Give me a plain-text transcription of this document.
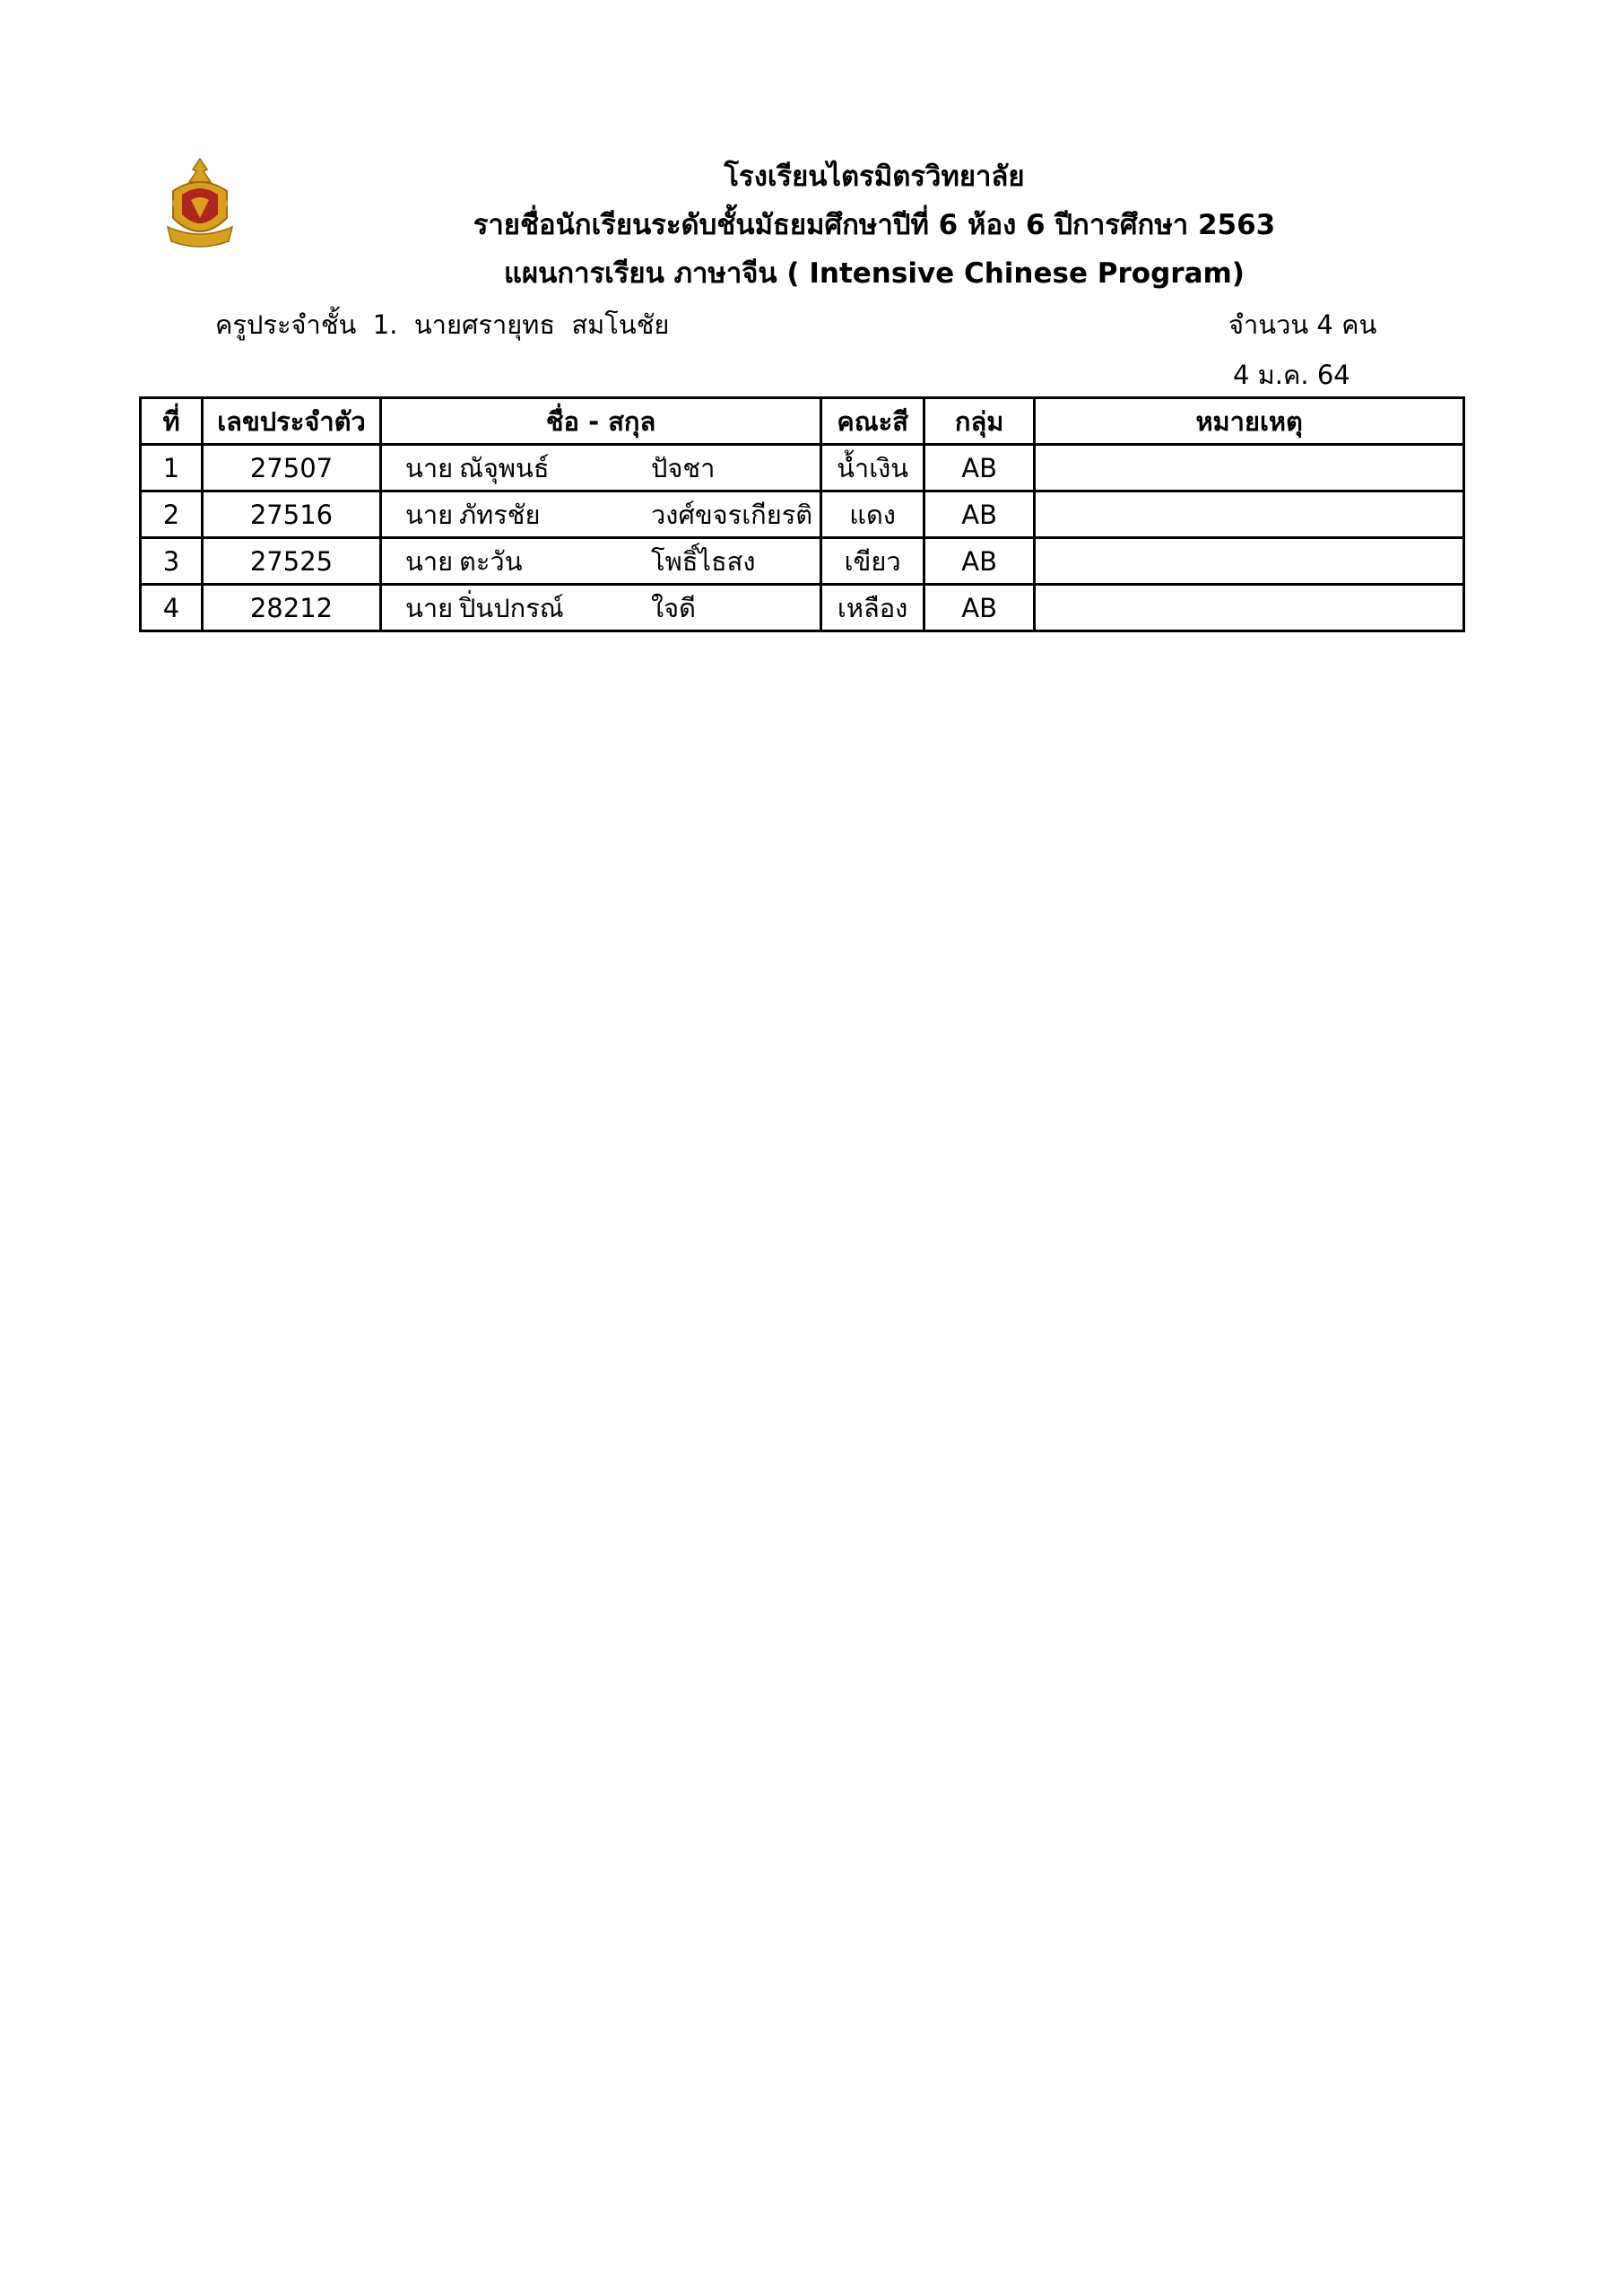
โรงเรียนไตรมิตรวิทยาลัย
รายชื่อนักเรียนระดับชั้นมัธยมศึกษาปีที่ 6 ห้อง 6 ปีการศึกษา 2563
แผนการเรียน ภาษาจีน ( Intensive Chinese Program)
ครูประจำชั้น  1.  นายศรายุทธ  สมโนชัย	จำนวน 4 คน
4 ม.ค. 64
ที่	เลขประจำตัว	ชื่อ - สกุล	คณะสี	กลุ่ม	หมายเหตุ
1	27507	นาย ณัจุพนธ์ ปัจชา	น้ำเงิน	AB	
2	27516	นาย ภัทรชัย วงศ์ขจรเกียรติ	แดง	AB	
3	27525	นาย ตะวัน โพธิ์ไธสง	เขียว	AB	
4	28212	นาย ปิ่นปกรณ์ ใจดี	เหลือง	AB	
